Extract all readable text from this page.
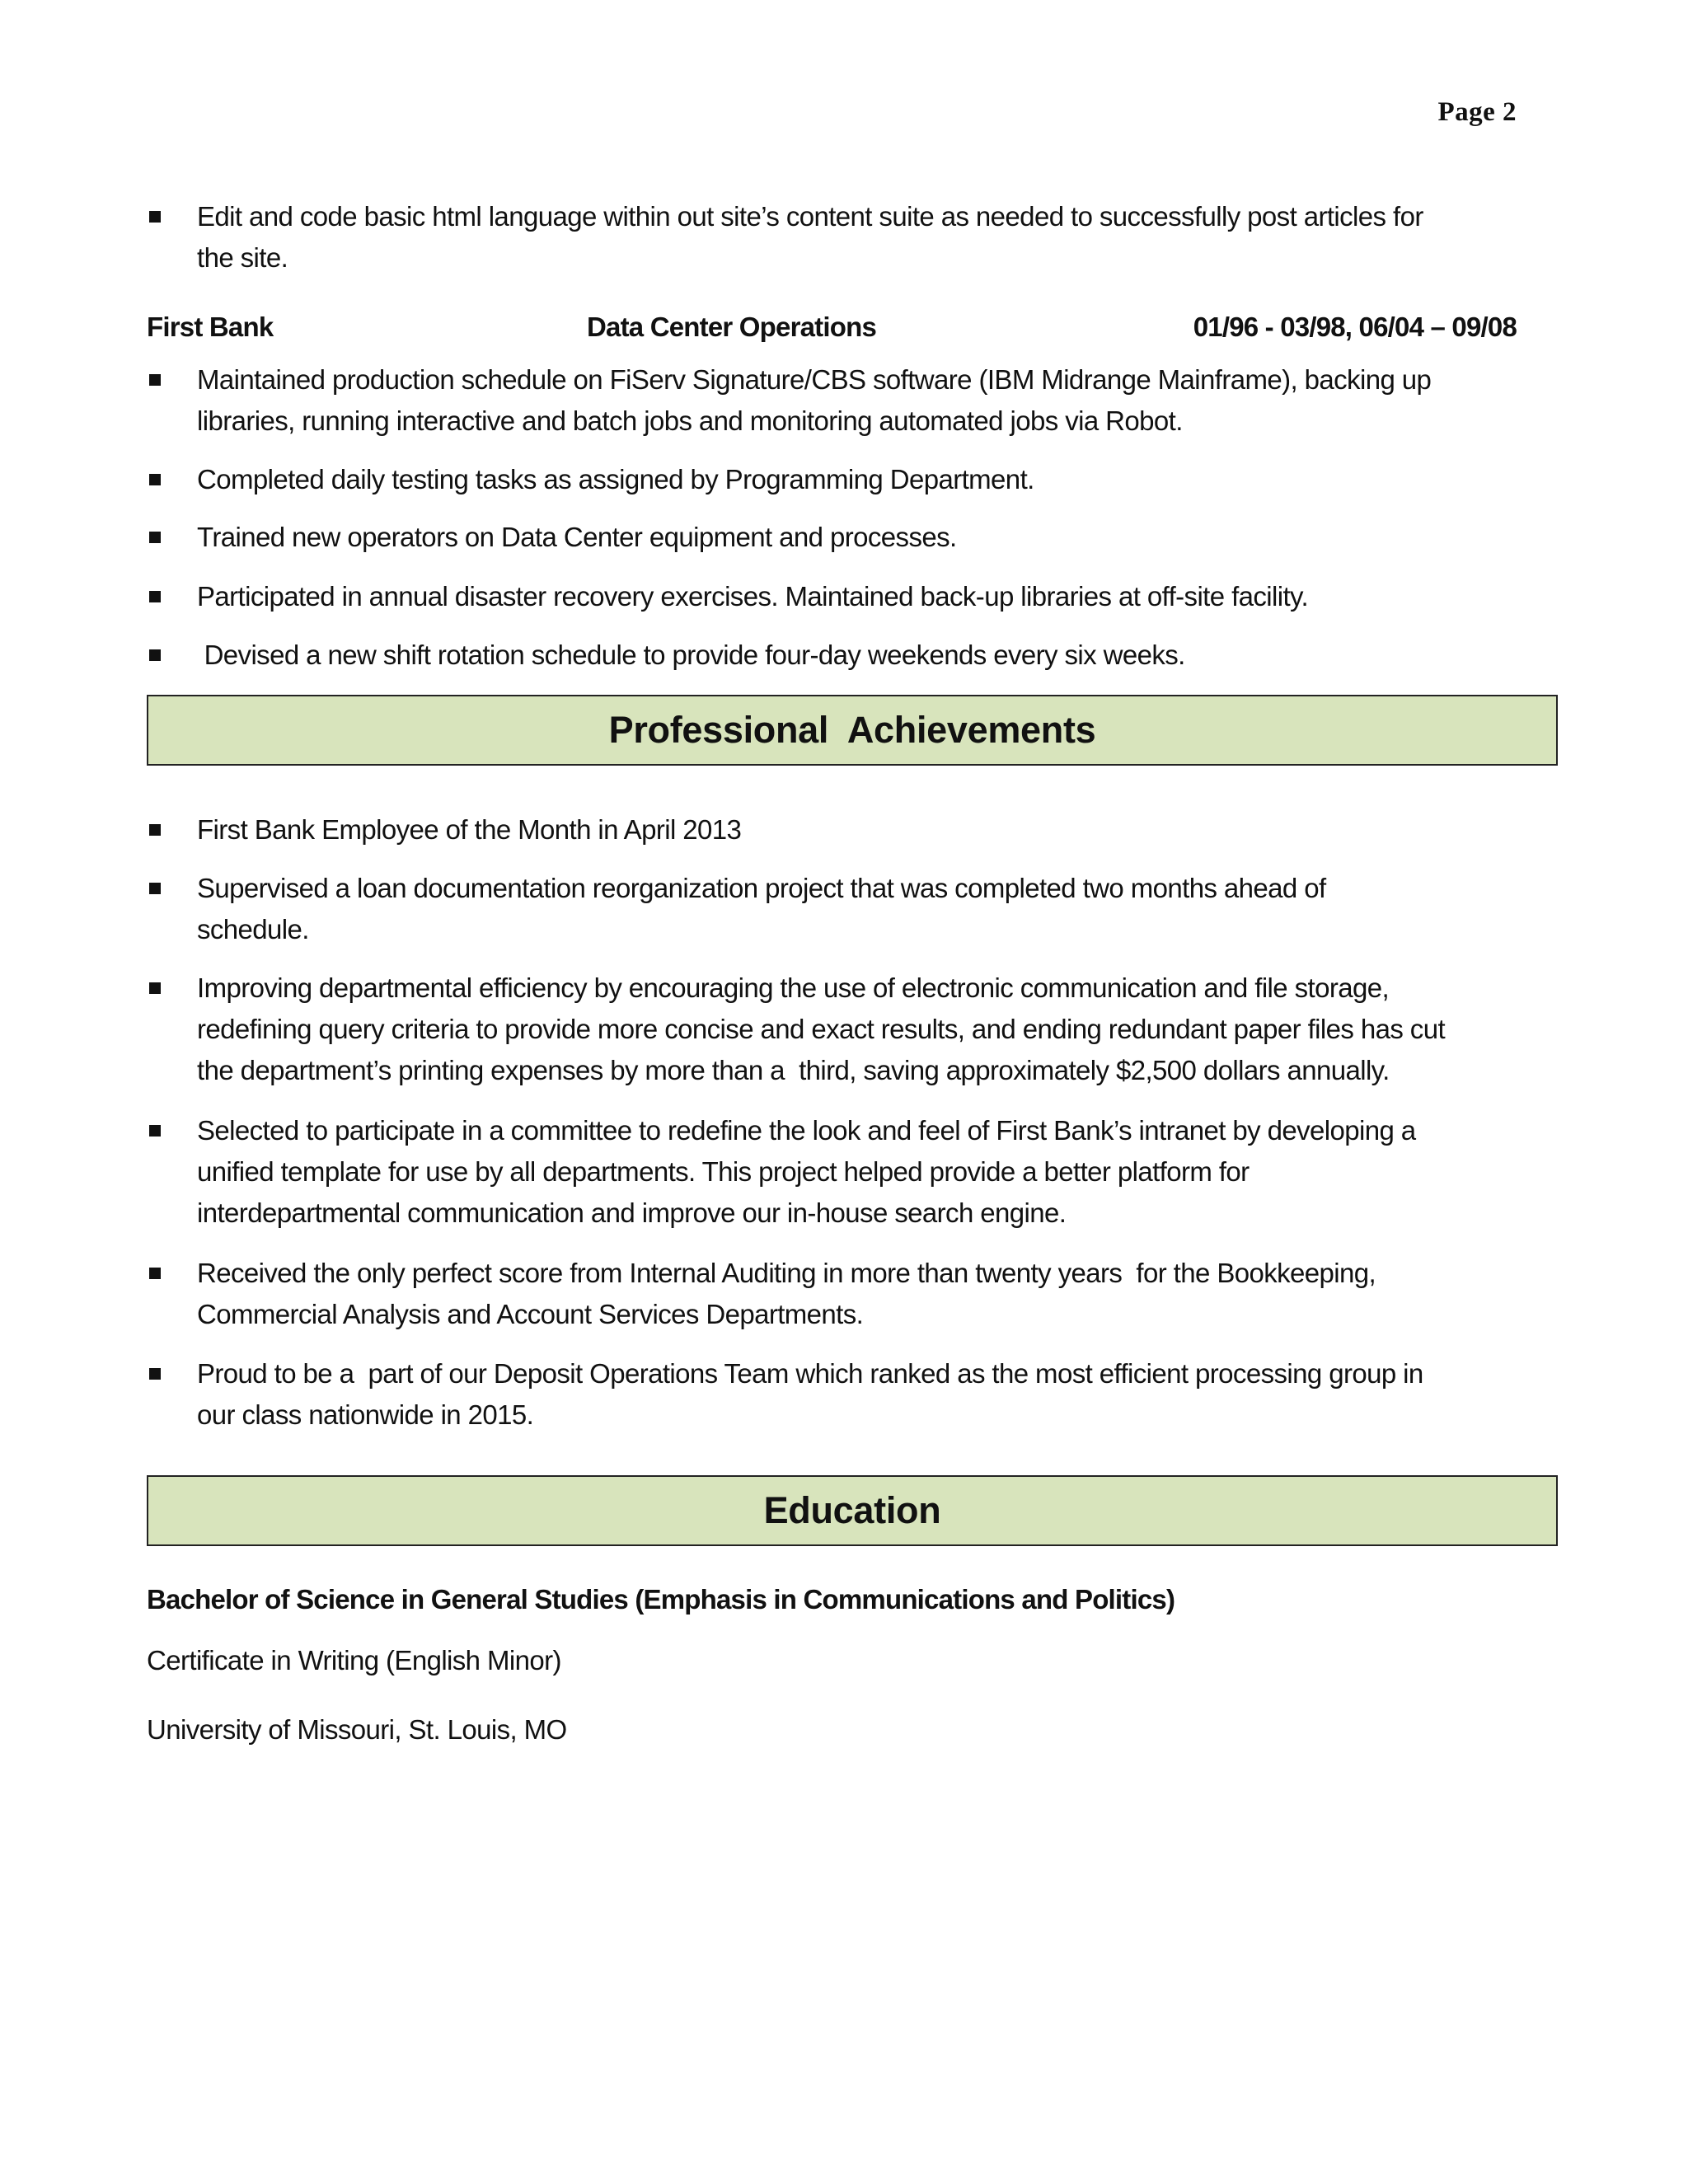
Page 2
Edit and code basic html language within out site’s content suite as needed to successfully post articles for
the site.
First Bank	Data Center Operations	01/96 - 03/98, 06/04 – 09/08
Maintained production schedule on FiServ Signature/CBS software (IBM Midrange Mainframe), backing up
libraries, running interactive and batch jobs and monitoring automated jobs via Robot.
Completed daily testing tasks as assigned by Programming Department.
Trained new operators on Data Center equipment and processes.
Participated in annual disaster recovery exercises. Maintained back-up libraries at off-site facility.
Devised a new shift rotation schedule to provide four-day weekends every six weeks.
Professional  Achievements
First Bank Employee of the Month in April 2013
Supervised a loan documentation reorganization project that was completed two months ahead of
schedule.
Improving departmental efficiency by encouraging the use of electronic communication and file storage,
redefining query criteria to provide more concise and exact results, and ending redundant paper files has cut
the department’s printing expenses by more than a  third, saving approximately $2,500 dollars annually.
Selected to participate in a committee to redefine the look and feel of First Bank’s intranet by developing a
unified template for use by all departments. This project helped provide a better platform for
interdepartmental communication and improve our in-house search engine.
Received the only perfect score from Internal Auditing in more than twenty years  for the Bookkeeping,
Commercial Analysis and Account Services Departments.
Proud to be a  part of our Deposit Operations Team which ranked as the most efficient processing group in
our class nationwide in 2015.
Education
Bachelor of Science in General Studies (Emphasis in Communications and Politics)
Certificate in Writing (English Minor)
University of Missouri, St. Louis, MO
